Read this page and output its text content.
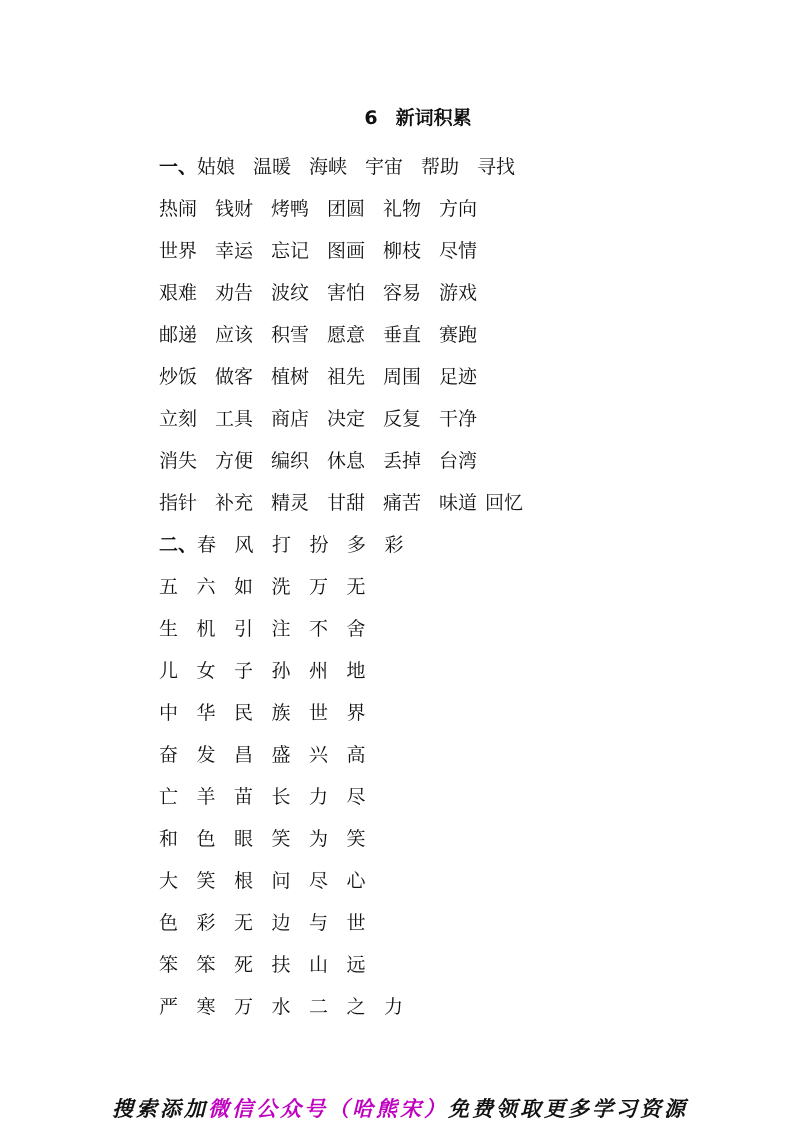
6 新词积累
一、 姑娘 温暖 海峡 宇宙 帮助 寻找
热闹 钱财 烤鸭 团圆 礼物 方向
世界 幸运 忘记 图画 柳枝 尽情
艰难 劝告 波纹 害怕 容易 游戏
邮递 应该 积雪 愿意 垂直 赛跑
炒饭 做客 植树 祖先 周围 足迹
立刻 工具 商店 决定 反复 干净
消失 方便 编织 休息 丢掉 台湾
指针 补充 精灵 甘甜 痛苦 味道 回忆
二、 春 风 打 扮 多 彩
五 六 如 洗 万 无
生 机 引 注 不 舍
儿 女 子 孙 州 地
中 华 民 族 世 界
奋 发 昌 盛 兴 高
亡 羊 苗 长 力 尽
和 色 眼 笑 为 笑
大 笑 根 问 尽 心
色 彩 无 边 与 世
笨 笨 死 扶 山 远
严 寒 万 水 二 之 力
搜索添加微信公众号（哈熊宋）免费领取更多学习资源
